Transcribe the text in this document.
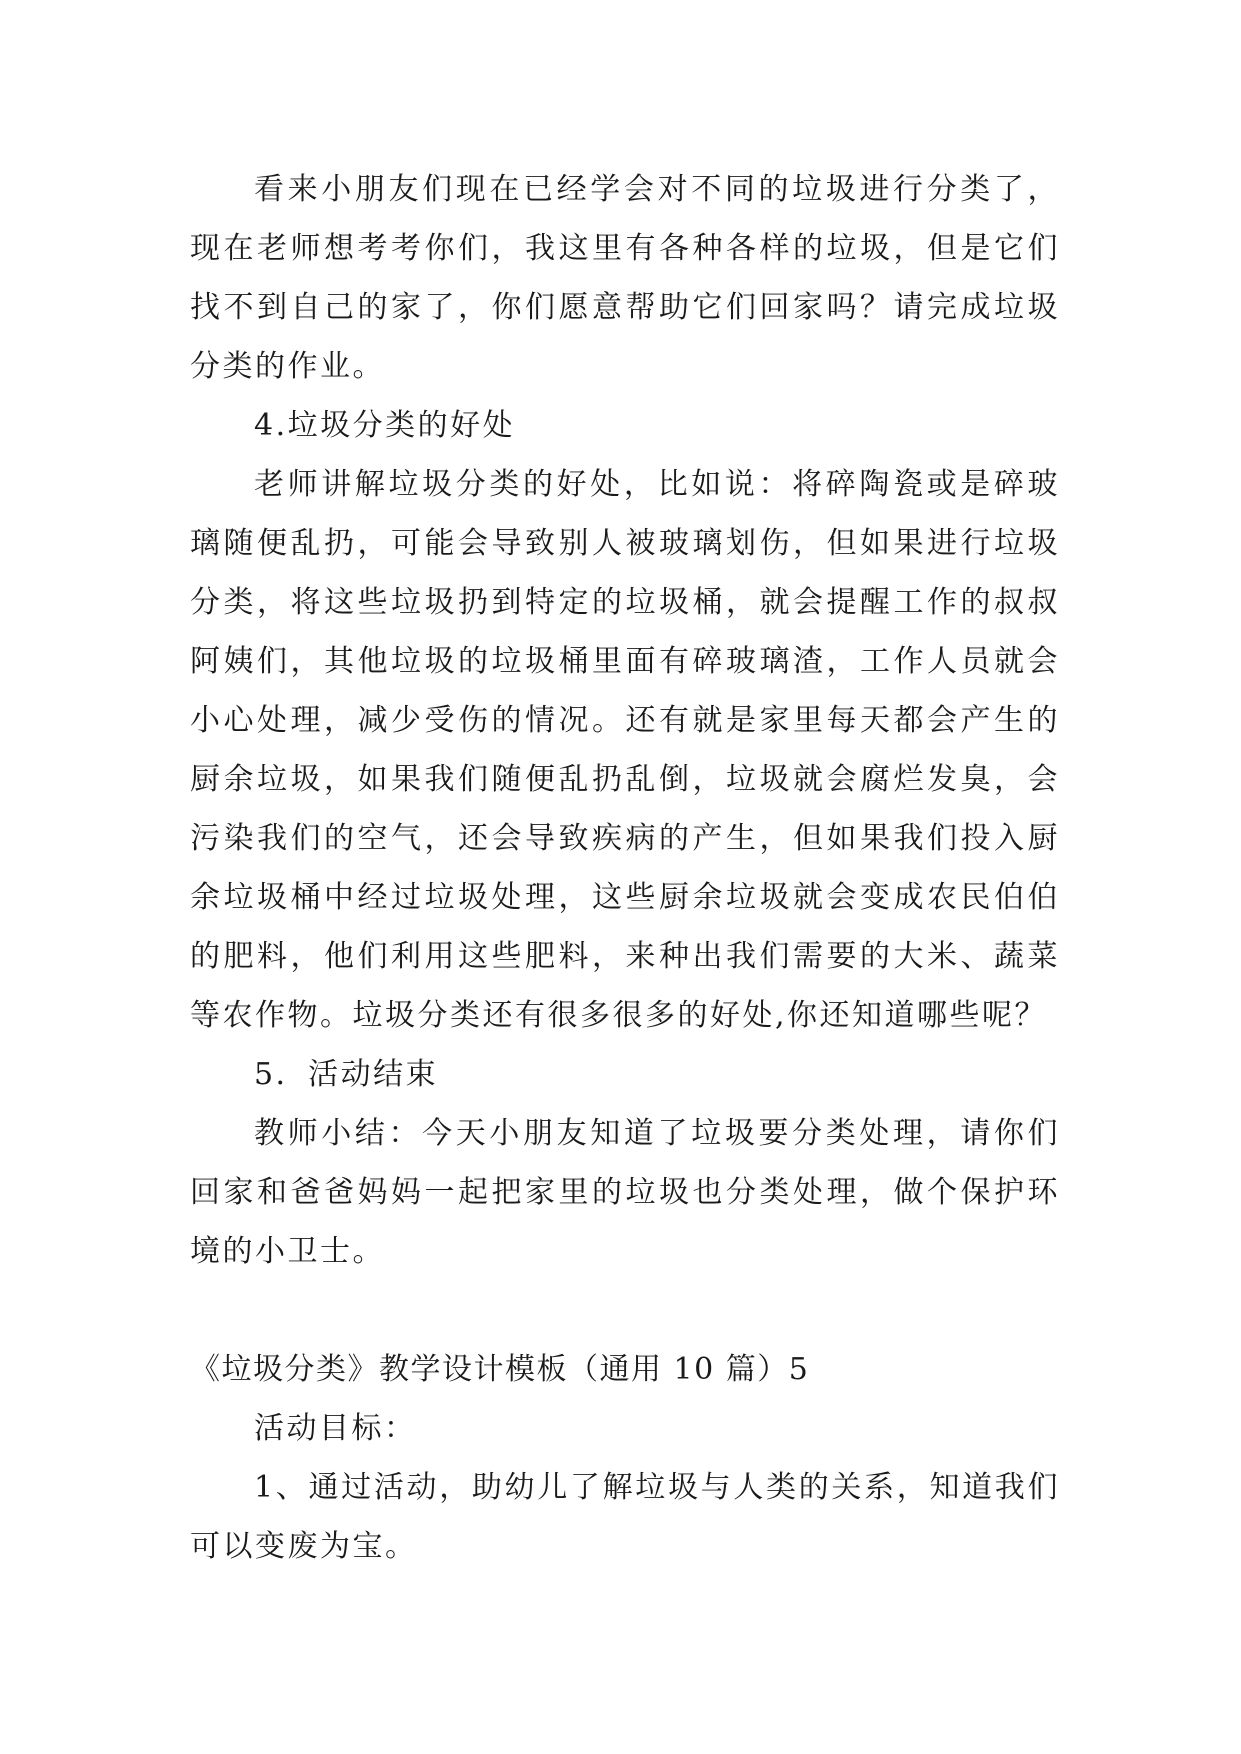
看来小朋友们现在已经学会对不同的垃圾进行分类了，现在老师想考考你们，我这里有各种各样的垃圾，但是它们找不到自己的家了，你们愿意帮助它们回家吗？请完成垃圾分类的作业。

4.垃圾分类的好处

老师讲解垃圾分类的好处，比如说：将碎陶瓷或是碎玻璃随便乱扔，可能会导致别人被玻璃划伤，但如果进行垃圾分类，将这些垃圾扔到特定的垃圾桶，就会提醒工作的叔叔阿姨们，其他垃圾的垃圾桶里面有碎玻璃渣，工作人员就会小心处理，减少受伤的情况。还有就是家里每天都会产生的厨余垃圾，如果我们随便乱扔乱倒，垃圾就会腐烂发臭，会污染我们的空气，还会导致疾病的产生，但如果我们投入厨余垃圾桶中经过垃圾处理，这些厨余垃圾就会变成农民伯伯的肥料，他们利用这些肥料，来种出我们需要的大米、蔬菜等农作物。垃圾分类还有很多很多的好处,你还知道哪些呢？

5．活动结束

教师小结：今天小朋友知道了垃圾要分类处理，请你们回家和爸爸妈妈一起把家里的垃圾也分类处理，做个保护环境的小卫士。

《垃圾分类》教学设计模板（通用 10 篇）5

活动目标：

1、通过活动，助幼儿了解垃圾与人类的关系，知道我们可以变废为宝。
